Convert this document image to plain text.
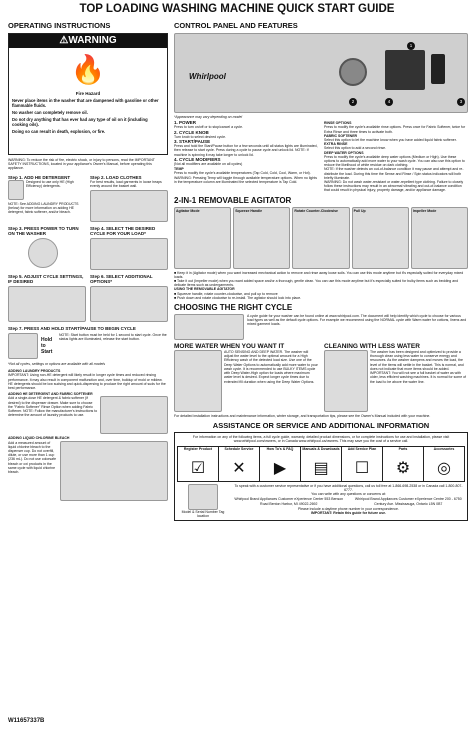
TOP LOADING WASHING MACHINE QUICK START GUIDE
OPERATING INSTRUCTIONS
⚠WARNING
🔥
Fire Hazard
Never place items in the washer that are dampened with gasoline or other flammable fluids.
No washer can completely remove oil.
Do not dry anything that has ever had any type of oil on it (including cooking oils).
Doing so can result in death, explosion, or fire.
WARNING: To reduce the risk of fire, electric shock, or injury to persons, read the IMPORTANT SAFETY INSTRUCTIONS, located in your appliance's Owner's Manual, before operating this appliance.
Step 1. ADD HE DETERGENT
Designed to use only HE (High Efficiency) detergents.
NOTE: See ADDING LAUNDRY PRODUCTS (below) for more information on adding HE detergent, fabric softener, and/or bleach.
Step 2. LOAD CLOTHES
For best results, load garments in loose heaps evenly around the basket wall.
Step 3. PRESS POWER TO TURN ON THE WASHER
Step 4. SELECT THE DESIRED CYCLE FOR YOUR LOAD*
Step 5. ADJUST CYCLE SETTINGS, IF DESIRED
Step 6. SELECT ADDITIONAL OPTIONS*
Step 7. PRESS AND HOLD START/PAUSE TO BEGIN CYCLE
Hold to Start
NOTE: Start button must be held for 1 second to start cycle. Once the status lights are illuminated, release the start button.
*Not all cycles, settings or options are available with all models
ADDING LAUNDRY PRODUCTS
IMPORTANT: Using non-HE detergent will likely result in longer cycle times and reduced rinsing performance. It may also result in component malfunction and, over time, buildup of mold or mildew. HE detergents should be low sudsing and quick-dispersing to produce the right amount of suds for the best performance.
ADDING HE DETERGENT AND FABRIC SOFTENER
Add a single-dose HE detergent & fabric softener (if desired) to the dispenser drawer. Make sure to choose the "Fabric Softener" Rinse Option when adding Fabric Softener. NOTE: Follow the manufacturer's instructions to determine the amount of laundry products to use.
ADDING LIQUID CHLORINE BLEACH
Add a measured amount of liquid chlorine bleach to the dispenser cup. Do not overfill, dilute, or use more than 1 cup (236 mL). Do not use colorsafe bleach or oxi products in the same cycle with liquid chlorine bleach.
W11657337B
CONTROL PANEL AND FEATURES
Whirlpool
1
2	3
4
*Appearance may vary depending on model
1. POWER
Press to turn on/off or to stop/cancel a cycle.
2. CYCLE KNOB
Turn knob to select desired cycle.
3. START/PAUSE
Press and hold the Start/Pause button for a few seconds until all status lights are illuminated, then release to start cycle. Press during a cycle to pause cycle and unlock lid. NOTE: If machine is spinning it may take longer to unlock lid.
4. CYCLE MODIFIERS
(Not all modifiers are available on all cycles)
TEMP
Press to modify the cycle's available temperatures (Tap Cold, Cold, Cool, Warm, or Hot). WARNING: Pressing Temp will toggle through available temperature options. When no lights in the temperature column are illuminated the selected temperature is Tap Cold.
RINSE OPTIONS
Press to modify the cycle's available rinse options. Press once for Fabric Softener, twice for Extra Rinse and three times to activate both.
FABRIC SOFTENER
Select this option to let the machine know when you have added liquid fabric softener.
EXTRA RINSE
Select this option to add a second rinse.
DEEP WATER OPTIONS
Press to modify the cycle's available deep water options (Medium or High). Use these options to automatically add more water to your wash cycle. You can also use this option to reduce the likelihood of white residue on dark clothing.
NOTE: If the washer detects an out-of-balance condition it may pause and attempt and re-distribute the load. During this time the Sense and Rinse / Spin status indicators will both briefly illuminate.
WARNING: Do not wash water-resistant or water-repellent type clothing. Failure to closely follow these instructions may result in an abnormal vibrating and out-of-balance condition that could result in physical injury, property damage, and/or appliance damage.
2-IN-1 REMOVABLE AGITATOR
Agitator Mode	Squeeze Handle	Rotate Counter-Clockwise	Pull Up	Impeller Mode
■ Keep it in (Agitator mode) when you want increased mechanical action to remove and rinse away loose soils. You can use this mode anytime but it's especially suited for everyday mixed loads.
■ Take it out (Impeller mode) when you want added space and/or a thorough, gentle clean. You can use this mode anytime but it's especially suited for bulky items such as bedding and delicate items such as undergarments.
USING THE REMOVABLE AGITATOR
■ Squeeze handle, rotate counter-clockwise, and pull up to remove
■ Push down and rotate clockwise to re-install. The agitator should lock into place.
CHOOSING THE RIGHT CYCLE
A cycle guide for your washer can be found online at www.whirlpool.com. The document will help identify which cycle to choose for various load types as well as the default cycle options. For example we recommend using the NORMAL cycle with Warm water for cottons, linens and mixed garment loads.
MORE WATER WHEN YOU WANT IT
AUTO SENSING AND DEEP WATER. The washer will adjust the water level to the optimal amount for a High Efficiency wash of the detected load size. Use one of the Deep Water Options to automatically add more water to your wash cycle. It is recommended to use BULKY ITEMS cycle with Deep Water-High option for loads where maximum water level is desired. Expect longer cycle times due to extended fill duration when using the Deep Water Options.
CLEANING WITH LESS WATER
The washer has been designed and optimized to provide a thorough clean using less water to conserve energy and resources. As the washer dampens and moves the load, the level of the items will settle in the basket. This is normal, and does not indicate that more items should be added. IMPORTANT: You will not see a full basket of water as with older, less efficient washing machines. It is normal for some of the load to be above the water line.
For detailed installation instructions and maintenance information, winter storage, and transportation tips, please see the Owner's Manual included with your machine.
ASSISTANCE OR SERVICE AND ADDITIONAL INFORMATION
For information on any of the following items, a full cycle guide, warranty, detailed product dimensions, or for complete instructions for use and installation, please visit www.whirlpool.com/owners, or in Canada www.whirlpool.ca/owners. This may save you the cost of a service call.
Register Product
☑
Schedule Service
✕
How To's & FAQ
▶
Manuals & Downloads
▤
Add Service Plan
☐
Parts
⚙
Accessories
◎
Model & Serial Number Tag location
To speak with a customer service representative or if you have additional questions, call us toll free at 1-866-698-2538 or in Canada call 1-800-807-6777.
You can write with any questions or concerns at:
Whirlpool Brand Appliances Customer eXperience Center 553 Benson Road Benton Harbor, MI 49022-2692
Whirlpool Brand Appliances Customer eXperience Centre 200 - 6750 Century Ave. Mississauga, Ontario L5N 0B7
Please include a daytime phone number in your correspondence.
IMPORTANT: Retain this guide for future use.
